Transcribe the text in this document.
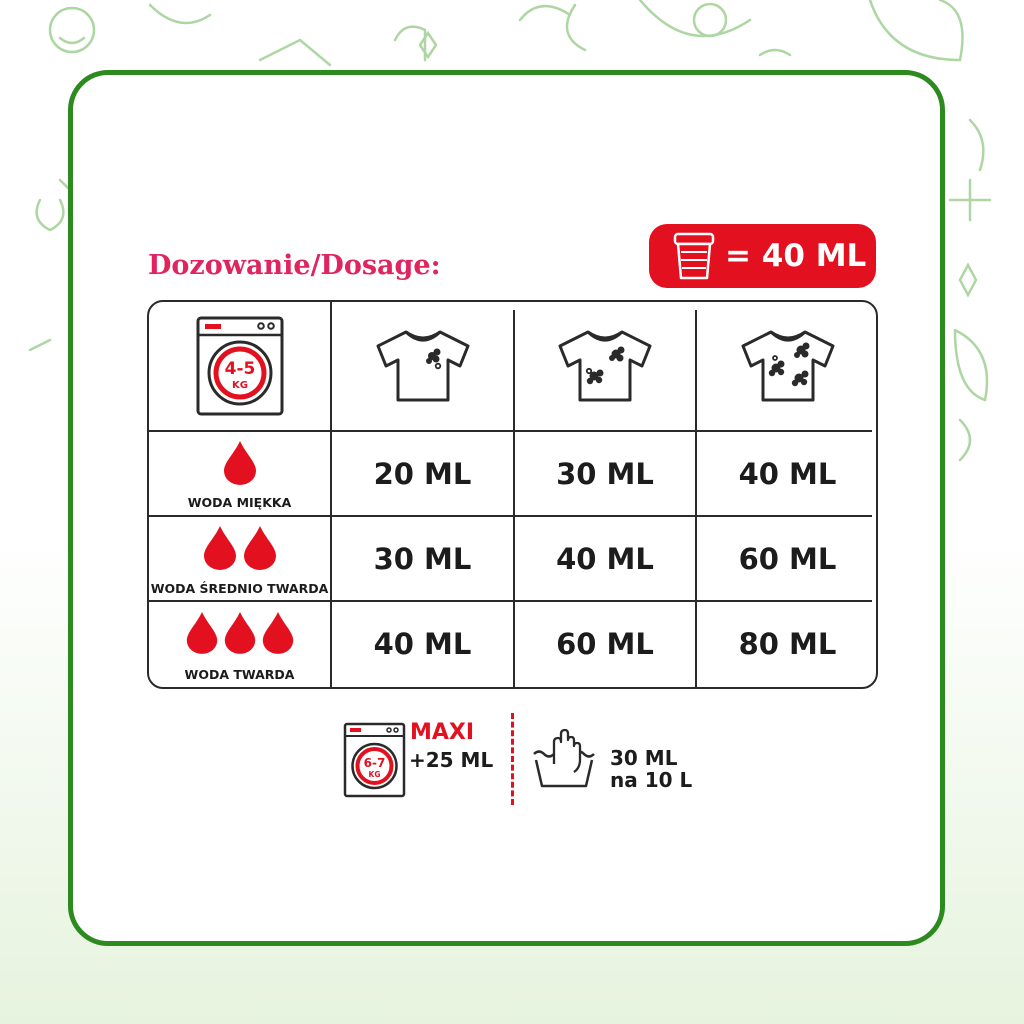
Dozowanie/Dosage:	= 40 ML
4-5
KG
WODA MIĘKKA
20 ML	30 ML	40 ML
WODA ŚREDNIO TWARDA
30 ML	40 ML	60 ML
WODA TWARDA
40 ML	60 ML	80 ML
6-7
KG
MAXI
+25 ML	30 ML
na 10 L
